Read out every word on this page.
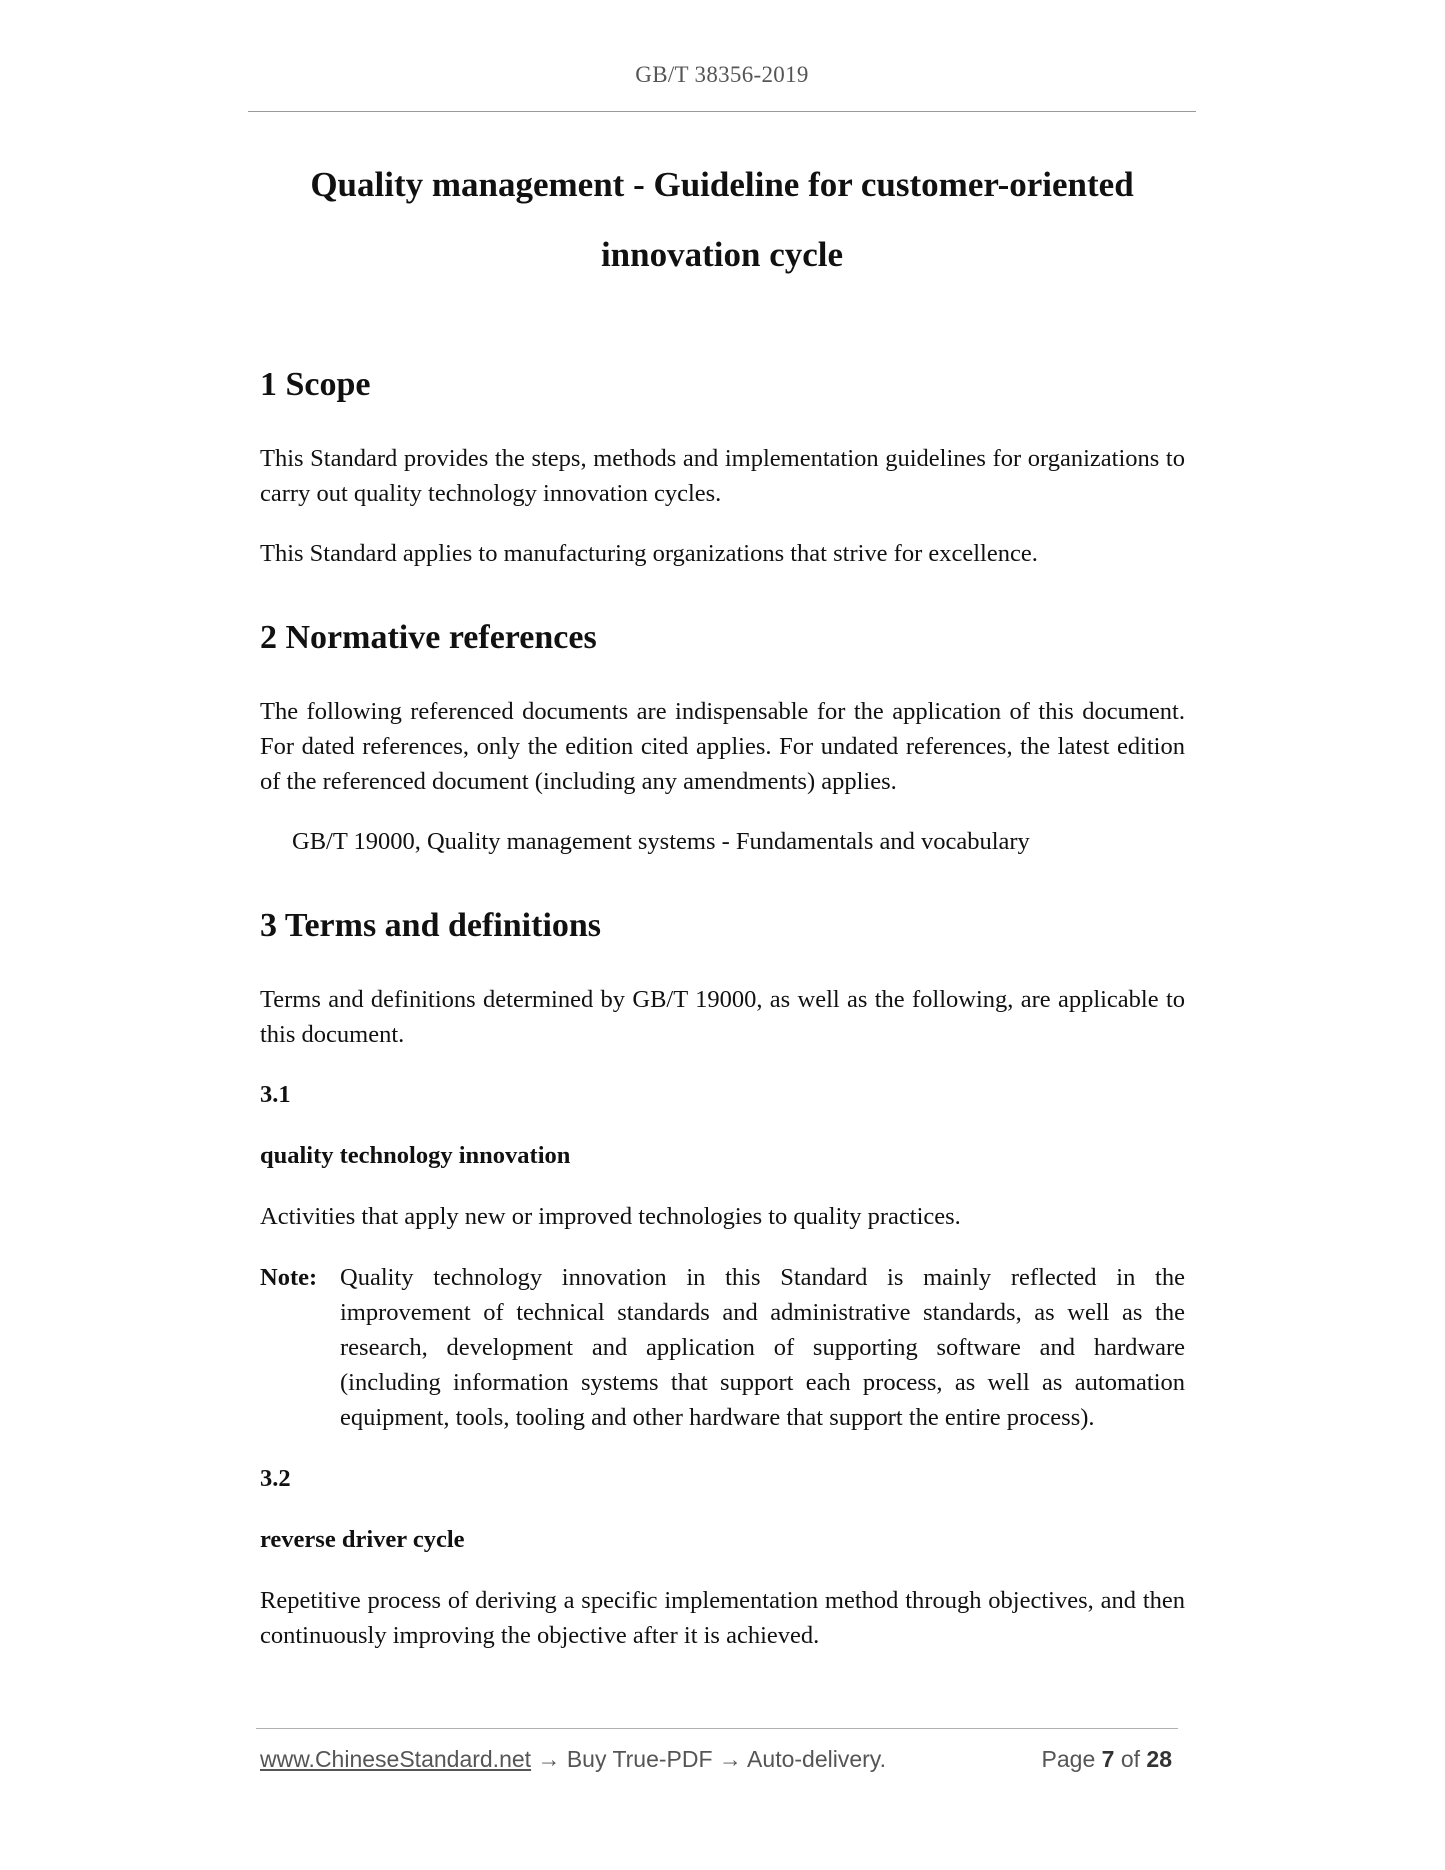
GB/T 38356-2019
Quality management - Guideline for customer-oriented
innovation cycle
1 Scope

This Standard provides the steps, methods and implementation guidelines for organizations to carry out quality technology innovation cycles.

This Standard applies to manufacturing organizations that strive for excellence.

2 Normative references

The following referenced documents are indispensable for the application of this document. For dated references, only the edition cited applies. For undated references, the latest edition of the referenced document (including any amendments) applies.

GB/T 19000, Quality management systems - Fundamentals and vocabulary

3 Terms and definitions

Terms and definitions determined by GB/T 19000, as well as the following, are applicable to this document.

3.1

quality technology innovation

Activities that apply new or improved technologies to quality practices.

Note: Quality technology innovation in this Standard is mainly reflected in the improvement of technical standards and administrative standards, as well as the research, development and application of supporting software and hardware (including information systems that support each process, as well as automation equipment, tools, tooling and other hardware that support the entire process).

3.2

reverse driver cycle

Repetitive process of deriving a specific implementation method through objectives, and then continuously improving the objective after it is achieved.

www.ChineseStandard.net → Buy True-PDF → Auto-delivery.	Page 7 of 28
